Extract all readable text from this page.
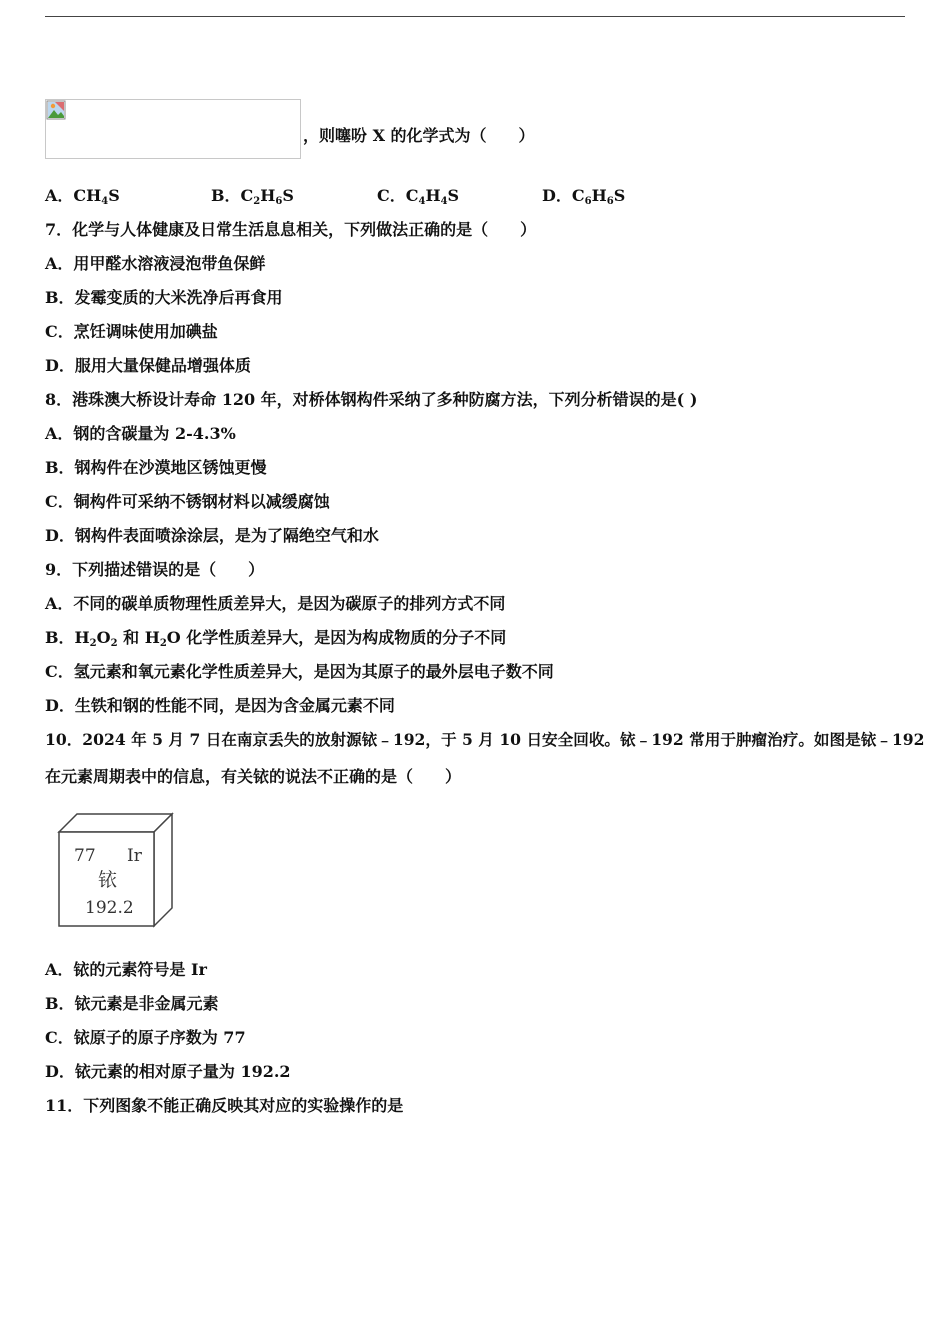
，则噻吩 X 的化学式为（　　）
A．$CH_4S$	B．$C_2H_6S$	C．$C_4H_4S$	D．$C_6H_6S$
7．化学与人体健康及日常生活息息相关，下列做法正确的是（　　）
A．用甲醛水溶液浸泡带鱼保鲜
B．发霉变质的大米洗净后再食用
C．烹饪调味使用加碘盐
D．服用大量保健品增强体质
8．港珠澳大桥设计寿命 120 年，对桥体钢构件采纳了多种防腐方法，下列分析错误的是( )
A．钢的含碳量为 2-4.3%
B．钢构件在沙漠地区锈蚀更慢
C．铜构件可采纳不锈钢材料以减缓腐蚀
D．钢构件表面喷涂涂层，是为了隔绝空气和水
9．下列描述错误的是（　　）
A．不同的碳单质物理性质差异大，是因为碳原子的排列方式不同
B．$H_2O_2$ 和 $H_2O$ 化学性质差异大，是因为构成物质的分子不同
C．氢元素和氧元素化学性质差异大，是因为其原子的最外层电子数不同
D．生铁和钢的性能不同，是因为含金属元素不同
10．2024 年 5 月 7 日在南京丢失的放射源铱﹣192，于 5 月 10 日安全回收。铱﹣192 常用于肿瘤治疗。如图是铱﹣192
在元素周期表中的信息，有关铱的说法不正确的是（　　）
77 Ir
铱
192.2
A．铱的元素符号是 Ir
B．铱元素是非金属元素
C．铱原子的原子序数为 77
D．铱元素的相对原子量为 192.2
11．下列图象不能正确反映其对应的实验操作的是
